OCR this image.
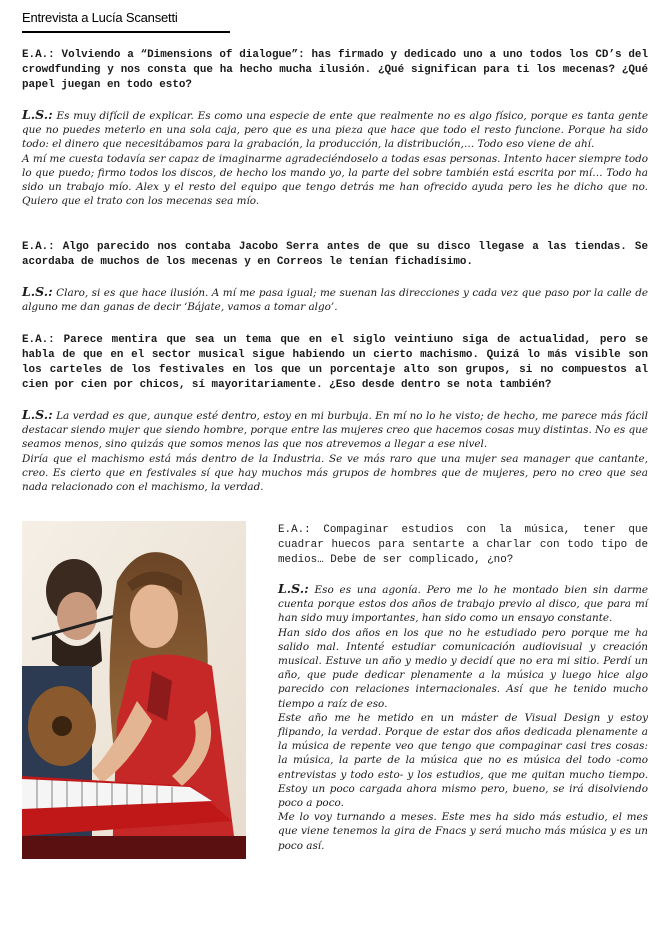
Entrevista a Lucía Scansetti

E.A.: Volviendo a “Dimensions of dialogue”: has firmado y dedicado uno a uno todos los CD’s del crowdfunding y nos consta que ha hecho mucha ilusión. ¿Qué significan para ti los mecenas? ¿Qué papel juegan en todo esto?

L.S.: Es muy difícil de explicar. Es como una especie de ente que realmente no es algo físico, porque es tanta gente que no puedes meterlo en una sola caja, pero que es una pieza que hace que todo el resto funcione. Porque ha sido todo: el dinero que necesitábamos para la grabación, la producción, la distribución,… Todo eso viene de ahí.

A mí me cuesta todavía ser capaz de imaginarme agradeciéndoselo a todas esas personas. Intento hacer siempre todo lo que puedo; firmo todos los discos, de hecho los mando yo, la parte del sobre también está escrita por mí… Todo ha sido un trabajo mío. Alex y el resto del equipo que tengo detrás me han ofrecido ayuda pero les he dicho que no. Quiero que el trato con los mecenas sea mío.

E.A.: Algo parecido nos contaba Jacobo Serra antes de que su disco llegase a las tiendas. Se acordaba de muchos de los mecenas y en Correos le tenían fichadísimo.

L.S.: Claro, si es que hace ilusión. A mí me pasa igual; me suenan las direcciones y cada vez que paso por la calle de alguno me dan ganas de decir ‘Bájate, vamos a tomar algo’.

E.A.: Parece mentira que sea un tema que en el siglo veintiuno siga de actualidad, pero se habla de que en el sector musical sigue habiendo un cierto machismo. Quizá lo más visible son los carteles de los festivales en los que un porcentaje alto son grupos, si no compuestos al cien por cien por chicos, sí mayoritariamente. ¿Eso desde dentro se nota también?

L.S.: La verdad es que, aunque esté dentro, estoy en mi burbuja. En mí no lo he visto; de hecho, me parece más fácil destacar siendo mujer que siendo hombre, porque entre las mujeres creo que hacemos cosas muy distintas. No es que seamos menos, sino quizás que somos menos las que nos atrevemos a llegar a ese nivel.

Diría que el machismo está más dentro de la Industria. Se ve más raro que una mujer sea manager que cantante, creo. Es cierto que en festivales sí que hay muchos más grupos de hombres que de mujeres, pero no creo que sea nada relacionado con el machismo, la verdad.

E.A.: Compaginar estudios con la música, tener que cuadrar huecos para sentarte a charlar con todo tipo de medios… Debe de ser complicado, ¿no?

L.S.: Eso es una agonía. Pero me lo he montado bien sin darme cuenta porque estos dos años de trabajo previo al disco, que para mí han sido muy importantes, han sido como un ensayo constante.

Han sido dos años en los que no he estudiado pero porque me ha salido mal. Intenté estudiar comunicación audiovisual y creación musical. Estuve un año y medio y decidí que no era mi sitio. Perdí un año, que pude dedicar plenamente a la música y luego hice algo parecido con relaciones internacionales. Así que he tenido mucho tiempo a raíz de eso.

Este año me he metido en un máster de Visual Design y estoy flipando, la verdad. Porque de estar dos años dedicada plenamente a la música de repente veo que tengo que compaginar casi tres cosas: la música, la parte de la música que no es música del todo -como entrevistas y todo esto- y los estudios, que me quitan mucho tiempo. Estoy un poco cargada ahora mismo pero, bueno, se irá disolviendo poco a poco.

Me lo voy turnando a meses. Este mes ha sido más estudio, el mes que viene tenemos la gira de Fnacs y será mucho más música y es un poco así.
